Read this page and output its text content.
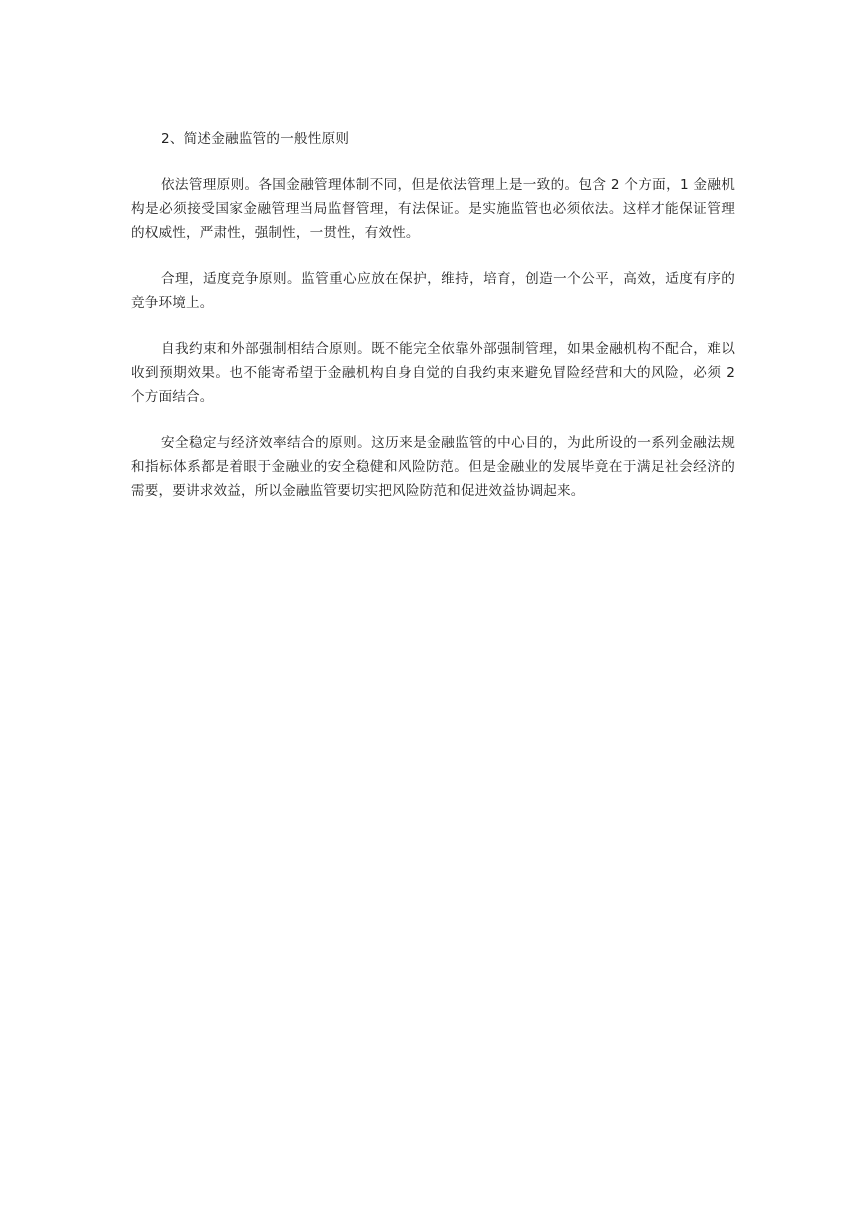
2、简述金融监管的一般性原则

依法管理原则。各国金融管理体制不同，但是依法管理上是一致的。包含 2 个方面，1 金融机构是必须接受国家金融管理当局监督管理，有法保证。是实施监管也必须依法。这样才能保证管理的权威性，严肃性，强制性，一贯性，有效性。

合理，适度竞争原则。监管重心应放在保护，维持，培育，创造一个公平，高效，适度有序的竞争环境上。

自我约束和外部强制相结合原则。既不能完全依靠外部强制管理，如果金融机构不配合，难以收到预期效果。也不能寄希望于金融机构自身自觉的自我约束来避免冒险经营和大的风险，必须 2 个方面结合。

安全稳定与经济效率结合的原则。这历来是金融监管的中心目的，为此所设的一系列金融法规和指标体系都是着眼于金融业的安全稳健和风险防范。但是金融业的发展毕竟在于满足社会经济的需要，要讲求效益，所以金融监管要切实把风险防范和促进效益协调起来。
